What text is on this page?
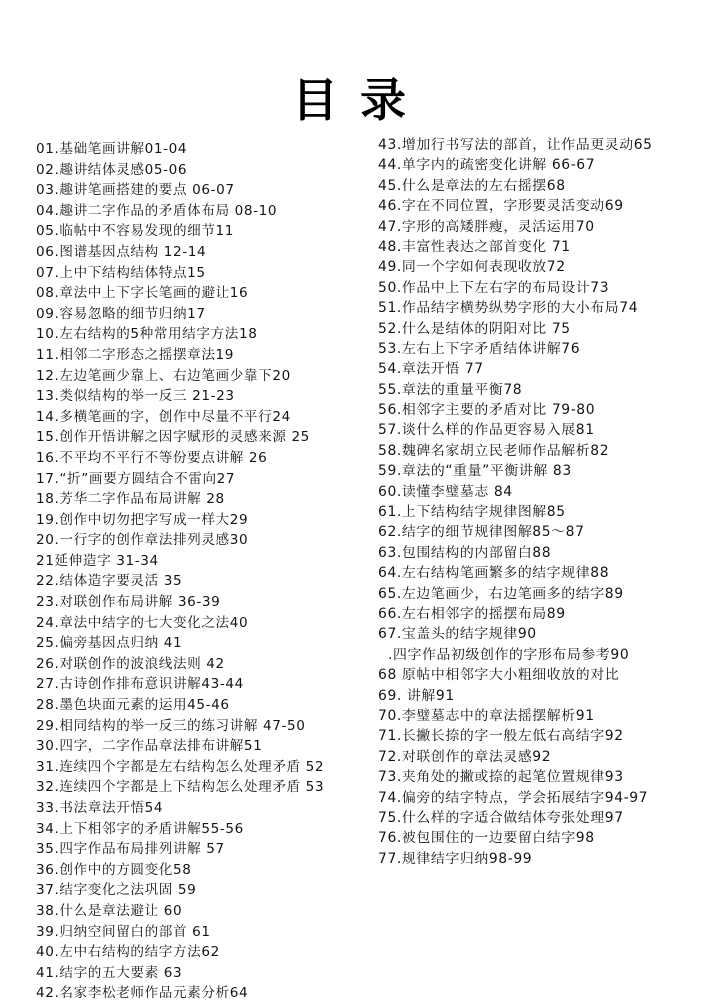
目录
01.基础笔画讲解01-04
02.趣讲结体灵感05-06
03.趣讲笔画搭建的要点 06-07
04.趣讲二字作品的矛盾体布局 08-10
05.临帖中不容易发现的细节11
06.图谱基因点结构 12-14
07.上中下结构结体特点15
08.章法中上下字长笔画的避让16
09.容易忽略的细节归纳17
10.左右结构的5种常用结字方法18
11.相邻二字形态之摇摆章法19
12.左边笔画少靠上、右边笔画少靠下20
13.类似结构的举一反三 21-23
14.多横笔画的字，创作中尽量不平行24
15.创作开悟讲解之因字赋形的灵感来源 25
16.不平均不平行不等份要点讲解 26
17.“折”画要方圆结合不雷向27
18.芳华二字作品布局讲解 28
19.创作中切勿把字写成一样大29
20.一行字的创作章法排列灵感30
21延伸造字 31-34
22.结体造字要灵活 35
23.对联创作布局讲解 36-39
24.章法中结字的七大变化之法40
25.偏旁基因点归纳 41
26.对联创作的波浪线法则 42
27.古诗创作排布意识讲解43-44
28.墨色块面元素的运用45-46
29.相同结构的举一反三的练习讲解 47-50
30.四字，二字作品章法排布讲解51
31.连续四个字都是左右结构怎么处理矛盾 52
32.连续四个字都是上下结构怎么处理矛盾 53
33.书法章法开悟54
34.上下相邻字的矛盾讲解55-56
35.四字作品布局排列讲解 57
36.创作中的方圆变化58
37.结字变化之法巩固 59
38.什么是章法避让 60
39.归纳空间留白的部首 61
40.左中右结构的结字方法62
41.结字的五大要素 63
42.名家李松老师作品元素分析64
43.增加行书写法的部首，让作品更灵动65
44.单字内的疏密变化讲解 66-67
45.什么是章法的左右摇摆68
46.字在不同位置，字形要灵活变动69
47.字形的高矮胖瘦，灵活运用70
48.丰富性表达之部首变化 71
49.同一个字如何表现收放72
50.作品中上下左右字的布局设计73
51.作品结字横势纵势字形的大小布局74
52.什么是结体的阴阳对比 75
53.左右上下字矛盾结体讲解76
54.章法开悟 77
55.章法的重量平衡78
56.相邻字主要的矛盾对比 79-80
57.谈什么样的作品更容易入展81
58.魏碑名家胡立民老师作品解析82
59.章法的“重量”平衡讲解 83
60.读懂李璧墓志 84
61.上下结构结字规律图解85
62.结字的细节规律图解85～87
63.包围结构的内部留白88
64.左右结构笔画繁多的结字规律88
65.左边笔画少，右边笔画多的结字89
66.左右相邻字的摇摆布局89
67.宝盖头的结字规律90
.四字作品初级创作的字形布局参考90
68 原帖中相邻字大小粗细收放的对比
69. 讲解91
70.李璧墓志中的章法摇摆解析91
71.长撇长捺的字一般左低右高结字92
72.对联创作的章法灵感92
73.夹角处的撇或捺的起笔位置规律93
74.偏旁的结字特点，学会拓展结字94-97
75.什么样的字适合做结体夸张处理97
76.被包围住的一边要留白结字98
77.规律结字归纳98-99
